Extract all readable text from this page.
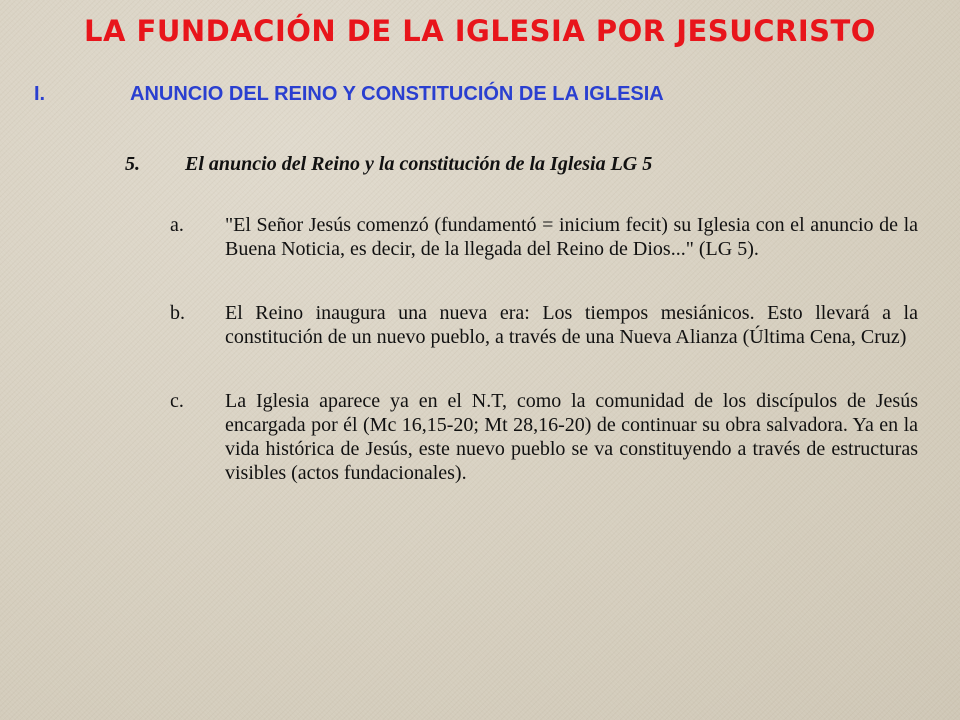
LA FUNDACIÓN DE LA IGLESIA POR JESUCRISTO
I.	ANUNCIO DEL REINO Y CONSTITUCIÓN DE LA IGLESIA
5. El anuncio del Reino y la constitución de la Iglesia LG 5
a.	"El Señor Jesús comenzó (fundamentó = inicium fecit) su Iglesia con el anuncio de la Buena Noticia, es decir, de la llegada del Reino de Dios..." (LG 5).
b.	El Reino inaugura una nueva era: Los tiempos mesiánicos. Esto llevará a la constitución de un nuevo pueblo, a través de una Nueva Alianza (Última Cena, Cruz)
c.	La Iglesia aparece ya en el N.T, como la comunidad de los discípulos de Jesús encargada por él (Mc 16,15-20; Mt 28,16-20) de continuar su obra salvadora. Ya en la vida histórica de Jesús, este nuevo pueblo se va constituyendo a través de estructuras visibles (actos fundacionales).
